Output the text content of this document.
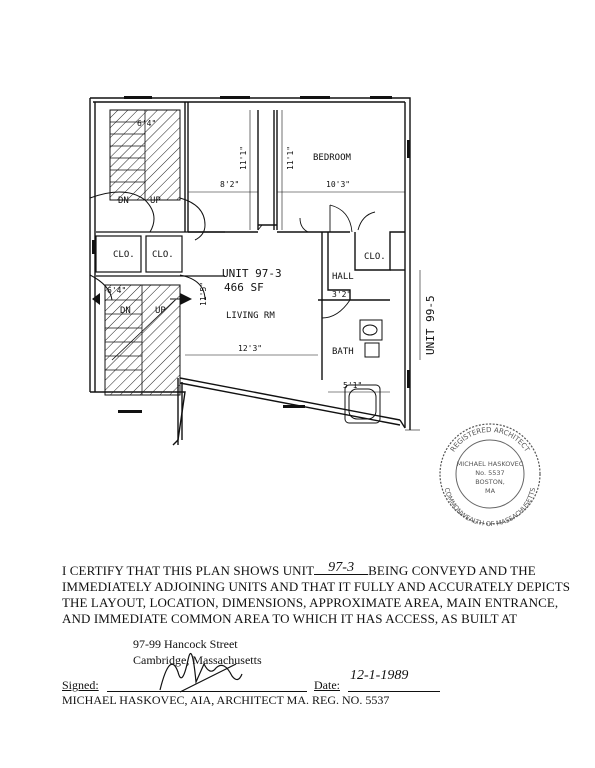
6'4"
6'4"
8'2"
11'1"	11'1" BEDROOM
10'3"
DN UP
CLO. CLO.	CLO.
UNIT 97-3
466 SF
HALL
3'2"
11'5"
DN	UP	LIVING RM
BATH
12'3"
5'1"
UNIT 99-5
REGISTERED ARCHITECT
COMMONWEALTH OF MASSACHUSETTS
MICHAEL HASKOVEC
No. 5537
BOSTON,
MA
I CERTIFY THAT THIS PLAN SHOWS UNIT 97-3 BEING CONVEYD AND THE IMMEDIATELY ADJOINING UNITS AND THAT IT FULLY AND ACCURATELY DEPICTS THE LAYOUT, LOCATION, DIMENSIONS, APPROXIMATE AREA, MAIN ENTRANCE, AND IMMEDIATE COMMON AREA TO WHICH IT HAS ACCESS, AS BUILT AT
97-99 Hancock Street
Cambridge, Massachusetts
Signed:	Date:
12-1-1989
MICHAEL HASKOVEC, AIA, ARCHITECT MA. REG. NO. 5537
